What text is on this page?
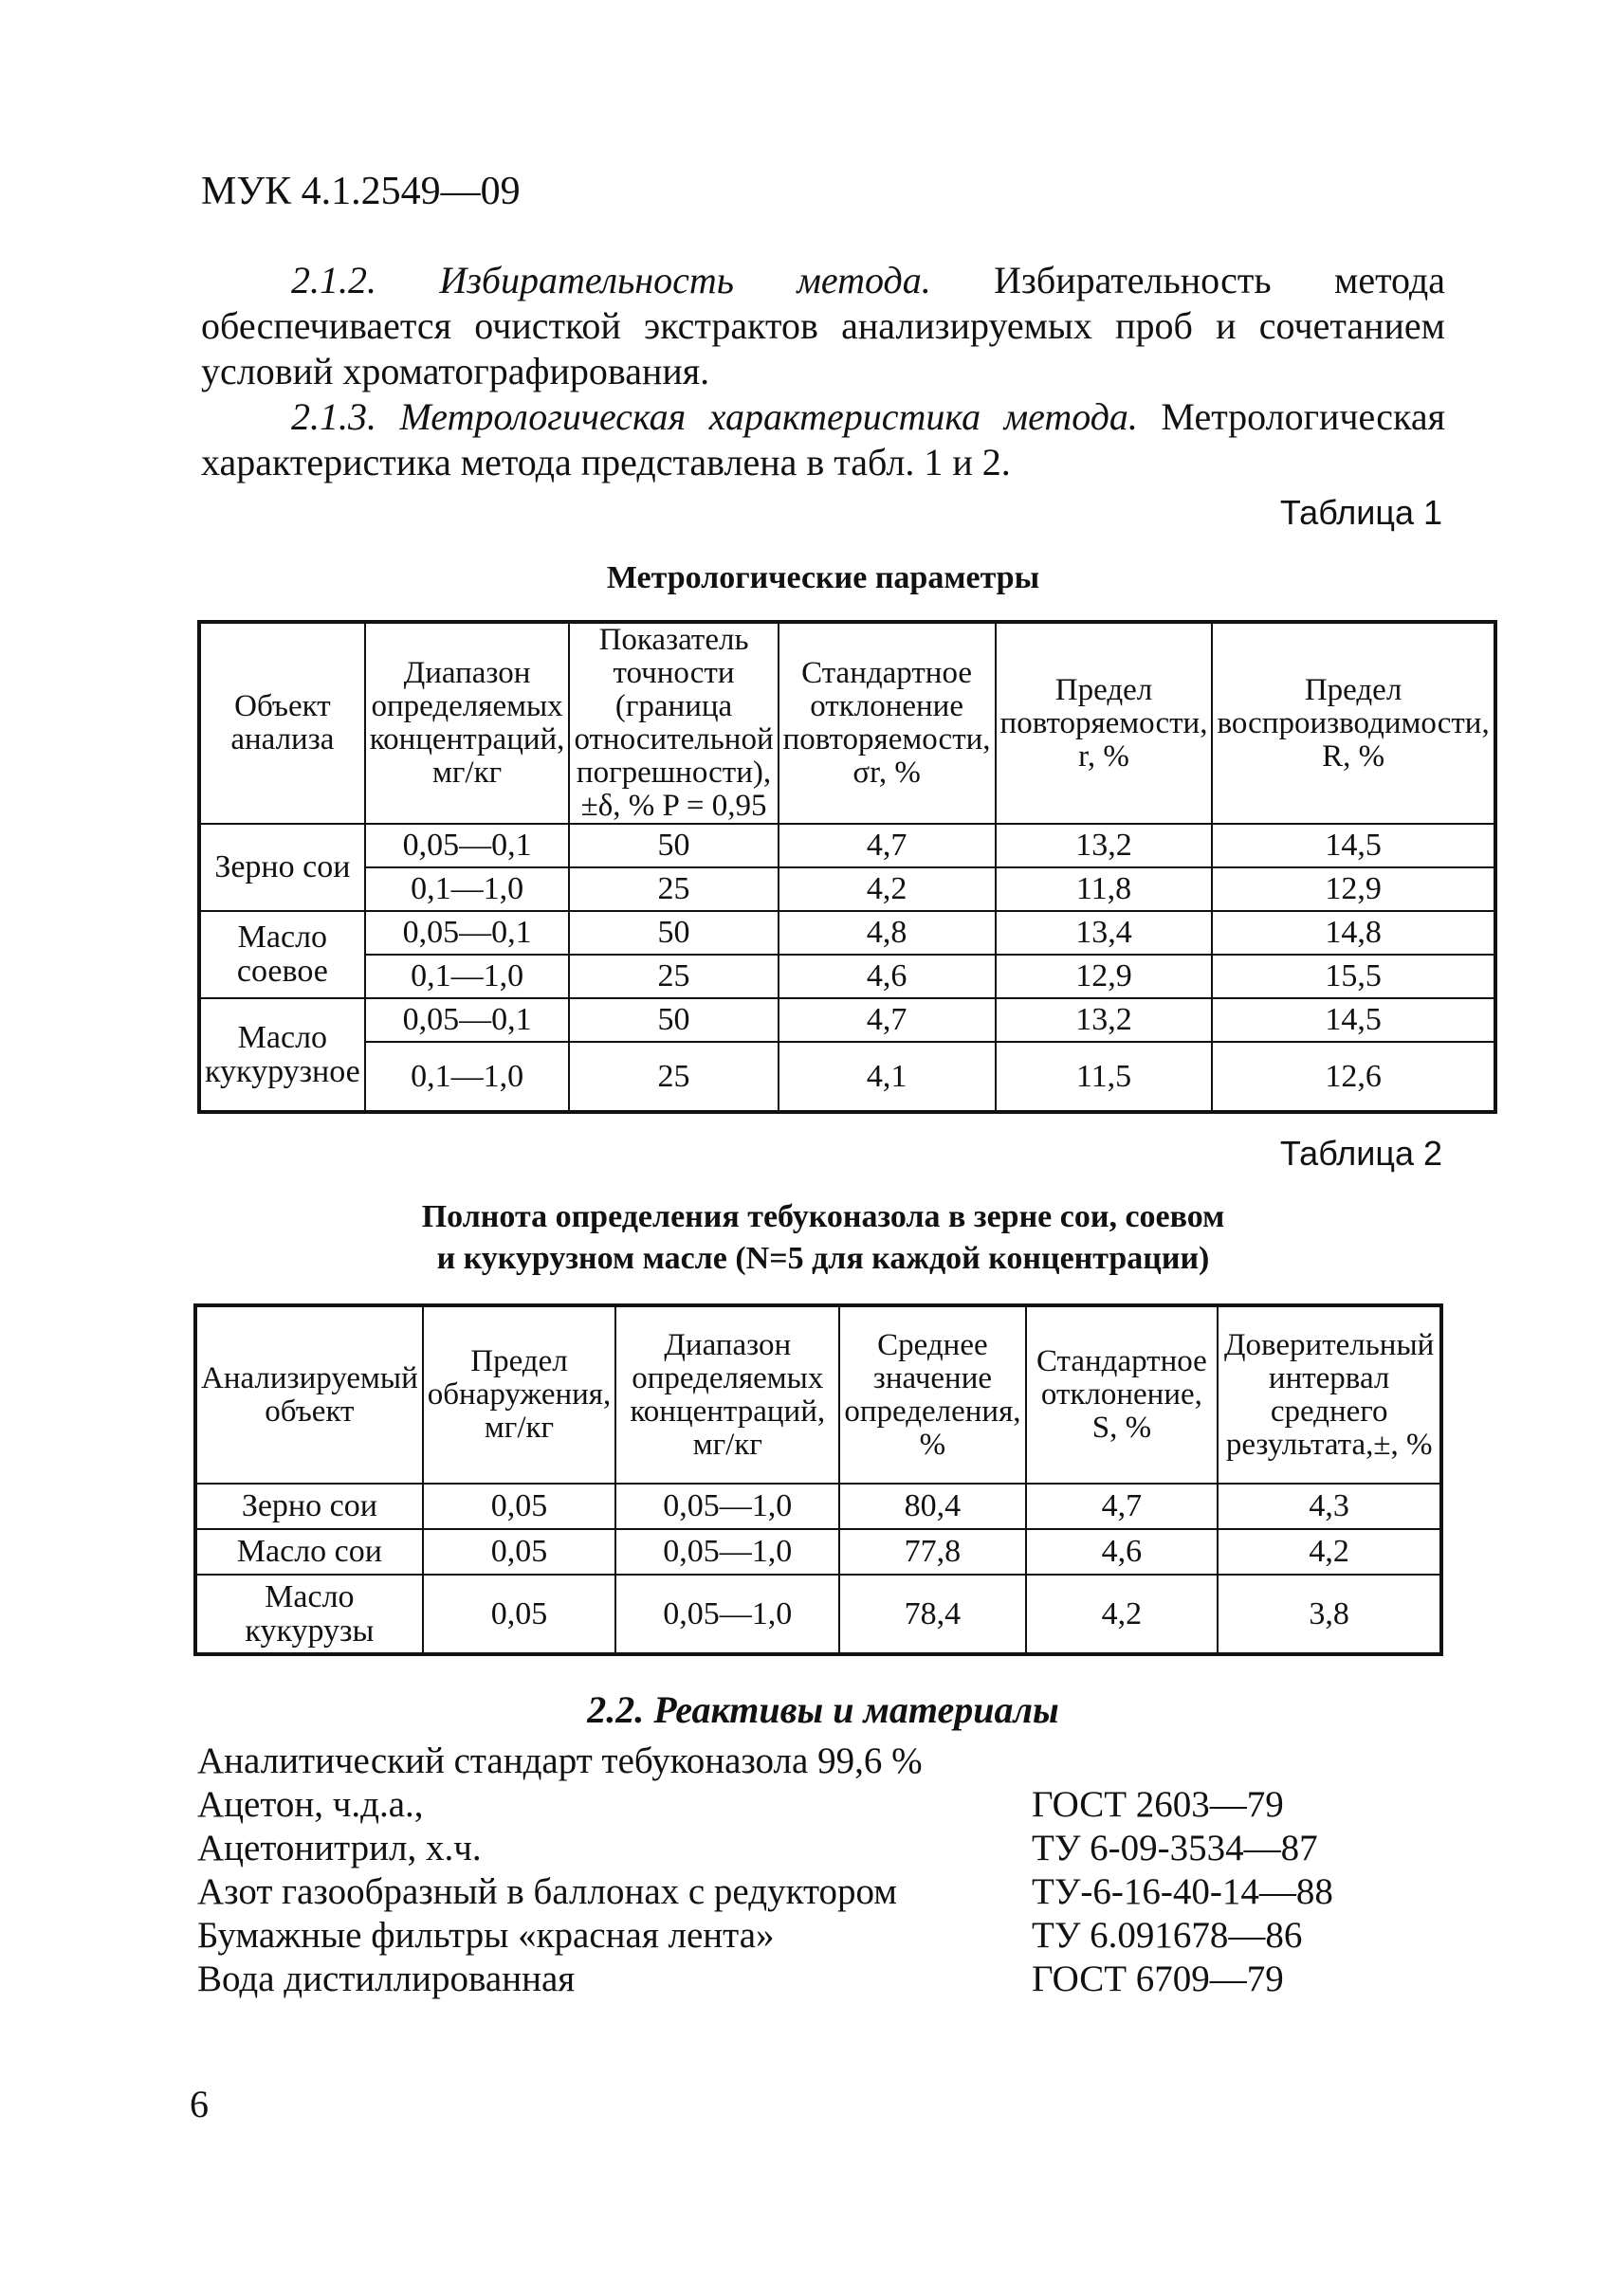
МУК 4.1.2549—09
2.1.2. Избирательность метода. Избирательность метода обеспечивается очисткой экстрактов анализируемых проб и сочетанием условий хроматографирования.
2.1.3. Метрологическая характеристика метода. Метрологическая характеристика метода представлена в табл. 1 и 2.
Таблица 1
Метрологические параметры
Объект анализа	Диапазон определяемых концентраций, мг/кг	Показатель точности (граница относительной погрешности), ±δ, % P = 0,95	Стандартное отклонение повторяемости, σr, %	Предел повторяемости, r, %	Предел воспроизводимости, R, %
Зерно сои	0,05—0,1	50	4,7	13,2	14,5
	0,1—1,0	25	4,2	11,8	12,9
Масло соевое	0,05—0,1	50	4,8	13,4	14,8
	0,1—1,0	25	4,6	12,9	15,5
Масло кукурузное	0,05—0,1	50	4,7	13,2	14,5
	0,1—1,0	25	4,1	11,5	12,6
Таблица 2
Полнота определения тебуконазола в зерне сои, соевом
и кукурузном масле (N=5 для каждой концентрации)
Анализируемый объект	Предел обнаружения, мг/кг	Диапазон определяемых концентраций, мг/кг	Среднее значение определения, %	Стандартное отклонение, S, %	Доверительный интервал среднего результата,±, %
Зерно сои	0,05	0,05—1,0	80,4	4,7	4,3
Масло сои	0,05	0,05—1,0	77,8	4,6	4,2
Масло кукурузы	0,05	0,05—1,0	78,4	4,2	3,8
2.2. Реактивы и материалы
Аналитический стандарт тебуконазола 99,6 %
Ацетон, ч.д.а.,	ГОСТ 2603—79
Ацетонитрил, х.ч.	ТУ 6-09-3534—87
Азот газообразный в баллонах с редуктором	ТУ-6-16-40-14—88
Бумажные фильтры «красная лента»	ТУ 6.091678—86
Вода дистиллированная	ГОСТ 6709—79
6
